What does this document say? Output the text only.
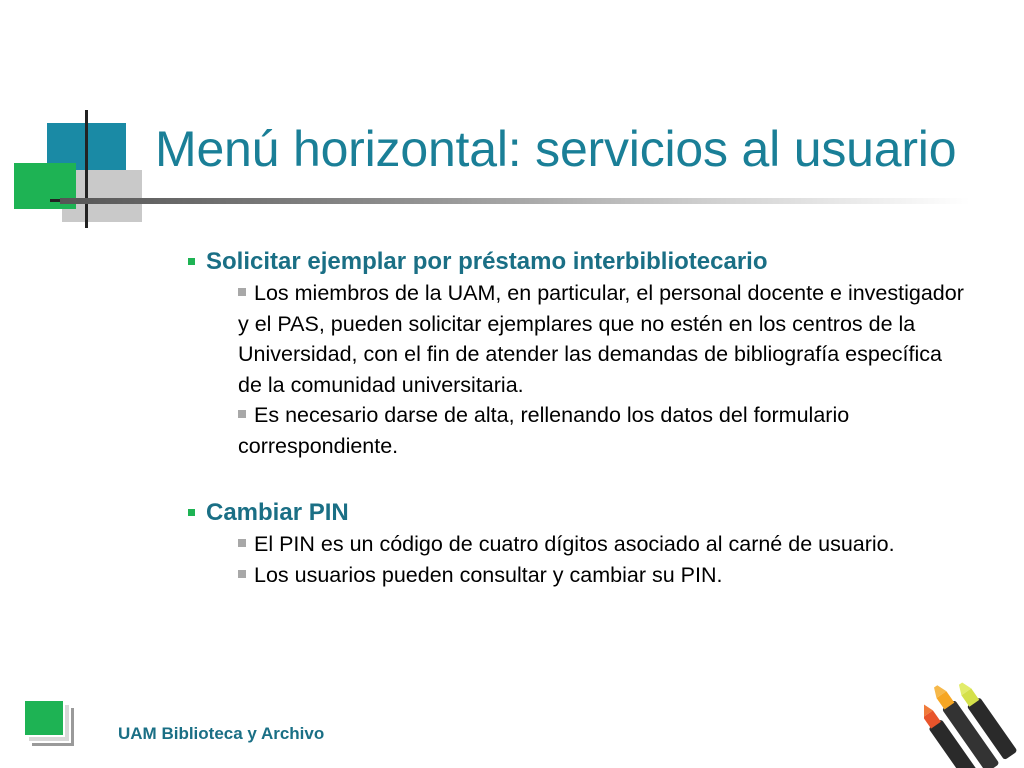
Menú horizontal: servicios al usuario
Solicitar ejemplar por préstamo interbibliotecario
Los miembros de la UAM, en particular, el personal docente e investigador y el PAS, pueden solicitar ejemplares que no estén en los centros de la Universidad, con el fin de atender las demandas de bibliografía específica de la comunidad universitaria.
Es necesario darse de alta, rellenando los datos del formulario correspondiente.
Cambiar PIN
El PIN es un código de cuatro dígitos asociado al carné de usuario.
Los usuarios pueden consultar y cambiar su PIN.
UAM Biblioteca y Archivo
